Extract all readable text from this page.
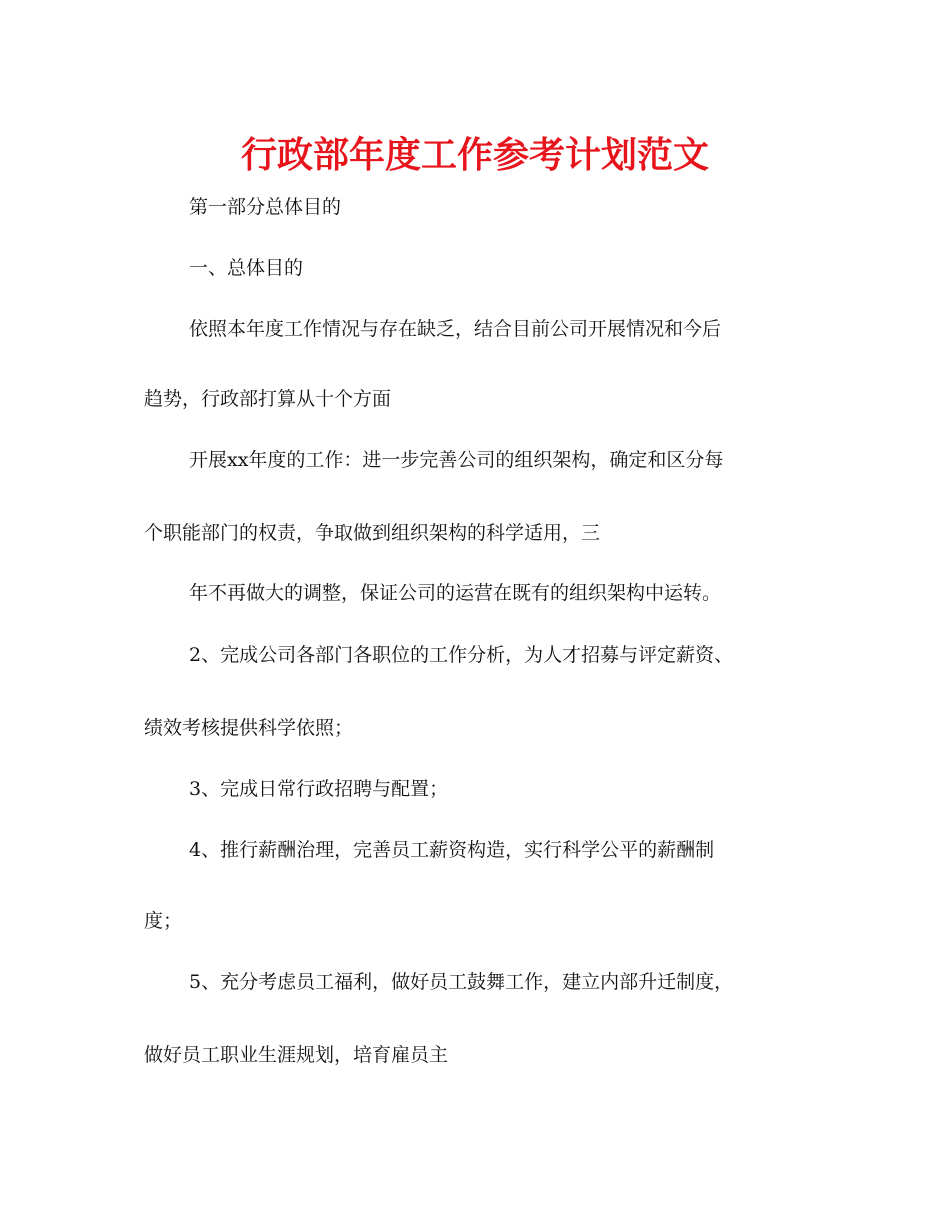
行政部年度工作参考计划范文
第一部分总体目的
一、总体目的
依照本年度工作情况与存在缺乏，结合目前公司开展情况和今后
趋势，行政部打算从十个方面
开展xx年度的工作：进一步完善公司的组织架构，确定和区分每
个职能部门的权责，争取做到组织架构的科学适用，三
年不再做大的调整，保证公司的运营在既有的组织架构中运转。
2、完成公司各部门各职位的工作分析，为人才招募与评定薪资、
绩效考核提供科学依照；
3、完成日常行政招聘与配置；
4、推行薪酬治理，完善员工薪资构造，实行科学公平的薪酬制
度；
5、充分考虑员工福利，做好员工鼓舞工作，建立内部升迁制度，
做好员工职业生涯规划，培育雇员主
